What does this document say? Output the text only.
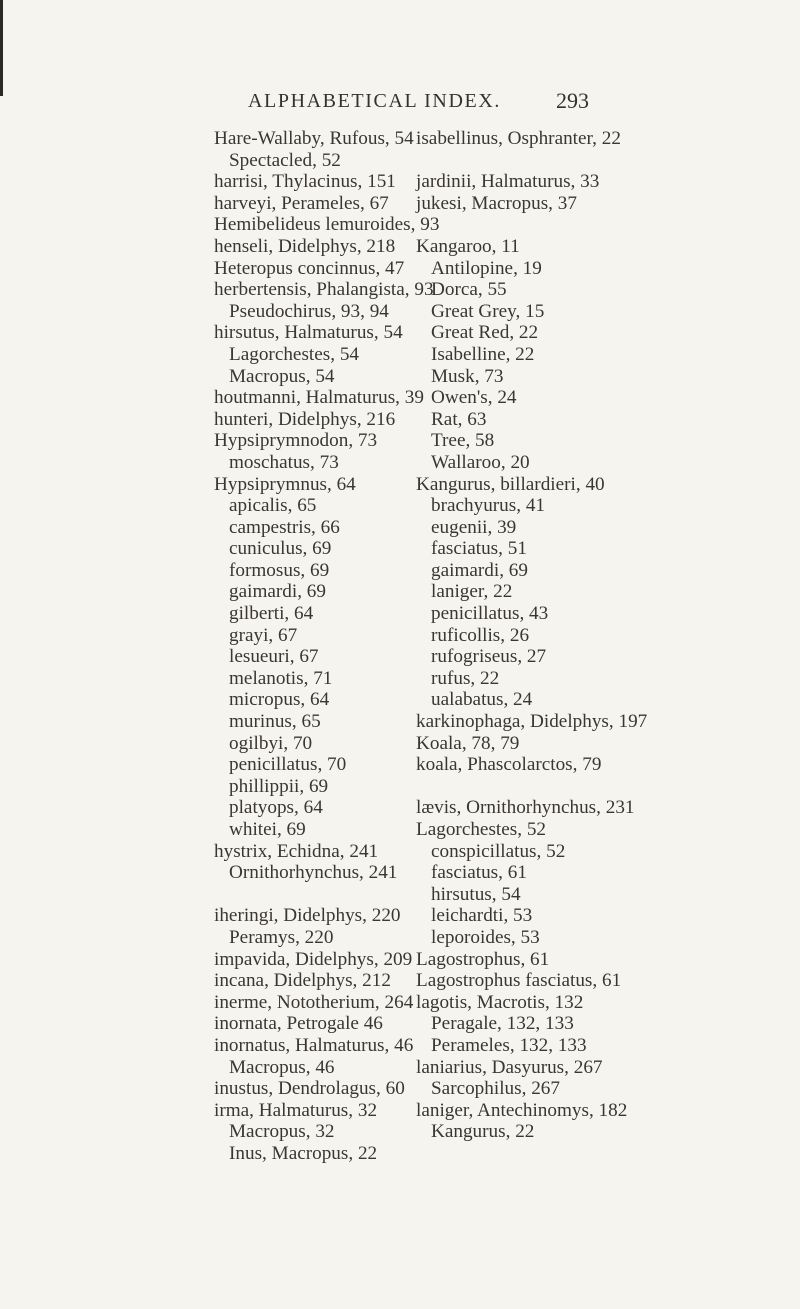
ALPHABETICAL INDEX.	293
Hare-Wallaby, Rufous, 54
Spectacled, 52
harrisi, Thylacinus, 151
harveyi, Perameles, 67
Hemibelideus lemuroides, 93
henseli, Didelphys, 218
Heteropus concinnus, 47
herbertensis, Phalangista, 93
Pseudochirus, 93, 94
hirsutus, Halmaturus, 54
Lagorchestes, 54
Macropus, 54
houtmanni, Halmaturus, 39
hunteri, Didelphys, 216
Hypsiprymnodon, 73
moschatus, 73
Hypsiprymnus, 64
apicalis, 65
campestris, 66
cuniculus, 69
formosus, 69
gaimardi, 69
gilberti, 64
grayi, 67
lesueuri, 67
melanotis, 71
micropus, 64
murinus, 65
ogilbyi, 70
penicillatus, 70
phillippii, 69
platyops, 64
whitei, 69
hystrix, Echidna, 241
Ornithorhynchus, 241
iheringi, Didelphys, 220
Peramys, 220
impavida, Didelphys, 209
incana, Didelphys, 212
inerme, Nototherium, 264
inornata, Petrogale 46
inornatus, Halmaturus, 46
Macropus, 46
inustus, Dendrolagus, 60
irma, Halmaturus, 32
Macropus, 32
Inus, Macropus, 22
isabellinus, Osphranter, 22
jardinii, Halmaturus, 33
jukesi, Macropus, 37
Kangaroo, 11
Antilopine, 19
Dorca, 55
Great Grey, 15
Great Red, 22
Isabelline, 22
Musk, 73
Owen's, 24
Rat, 63
Tree, 58
Wallaroo, 20
Kangurus, billardieri, 40
brachyurus, 41
eugenii, 39
fasciatus, 51
gaimardi, 69
laniger, 22
penicillatus, 43
ruficollis, 26
rufogriseus, 27
rufus, 22
ualabatus, 24
karkinophaga, Didelphys, 197
Koala, 78, 79
koala, Phascolarctos, 79
lævis, Ornithorhynchus, 231
Lagorchestes, 52
conspicillatus, 52
fasciatus, 61
hirsutus, 54
leichardti, 53
leporoides, 53
Lagostrophus, 61
Lagostrophus fasciatus, 61
lagotis, Macrotis, 132
Peragale, 132, 133
Perameles, 132, 133
laniarius, Dasyurus, 267
Sarcophilus, 267
laniger, Antechinomys, 182
Kangurus, 22
